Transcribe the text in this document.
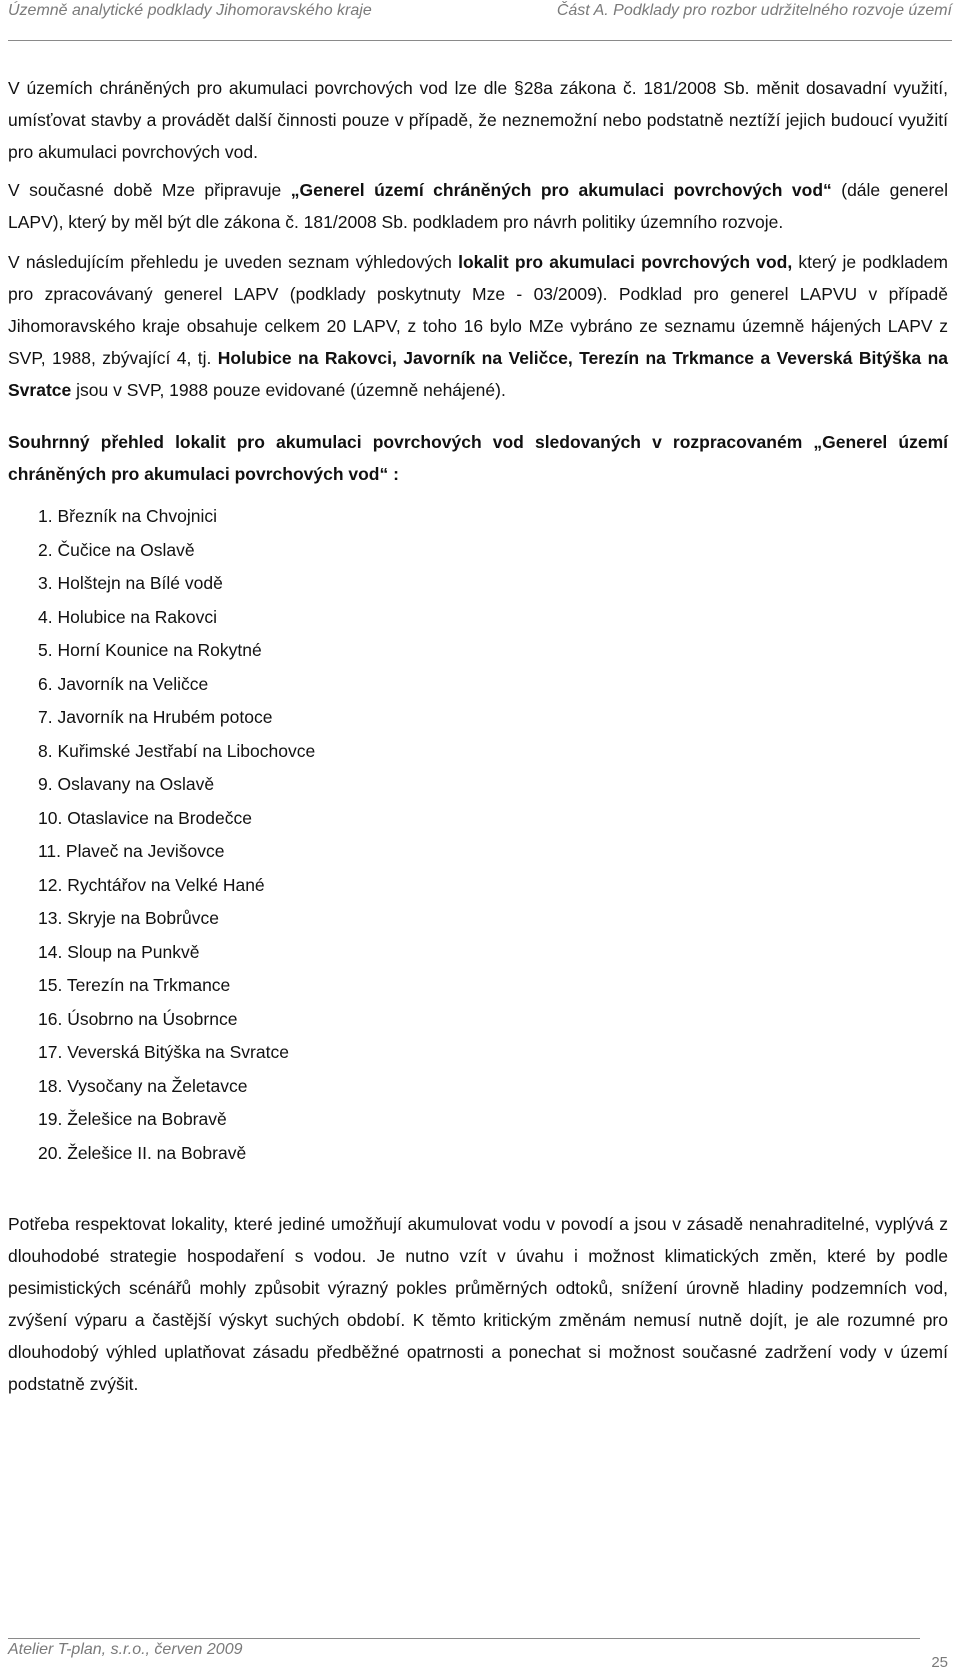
Územně analytické podklady Jihomoravského kraje	Část A. Podklady pro rozbor udržitelného rozvoje území

V územích chráněných pro akumulaci povrchových vod lze dle §28a zákona č. 181/2008 Sb. měnit dosavadní využití, umísťovat stavby a provádět další činnosti pouze v případě, že neznemožní nebo podstatně neztíží jejich budoucí využití pro akumulaci povrchových vod.

V současné době Mze připravuje „Generel území chráněných pro akumulaci povrchových vod“ (dále generel LAPV), který by měl být dle zákona č. 181/2008 Sb. podkladem pro návrh politiky územního rozvoje.

V následujícím přehledu je uveden seznam výhledových lokalit pro akumulaci povrchových vod, který je podkladem pro zpracovávaný generel LAPV (podklady poskytnuty Mze - 03/2009). Podklad pro generel LAPVU v případě Jihomoravského kraje obsahuje celkem 20 LAPV, z toho 16 bylo MZe vybráno ze seznamu územně hájených LAPV z SVP, 1988, zbývající 4, tj. Holubice na Rakovci, Javorník na Veličce, Terezín na Trkmance a Veverská Bitýška na Svratce jsou v SVP, 1988 pouze evidované (územně nehájené).

Souhrnný přehled lokalit pro akumulaci povrchových vod sledovaných v rozpracovaném „Generel území chráněných pro akumulaci povrchových vod“ :

1. Březník na Chvojnici
2. Čučice na Oslavě
3. Holštejn na Bílé vodě
4. Holubice na Rakovci
5. Horní Kounice na Rokytné
6. Javorník na Veličce
7. Javorník na Hrubém potoce
8. Kuřimské Jestřabí na Libochovce
9. Oslavany na Oslavě
10. Otaslavice na Brodečce
11. Plaveč na Jevišovce
12. Rychtářov na Velké Hané
13. Skryje na Bobrůvce
14. Sloup na Punkvě
15. Terezín na Trkmance
16. Úsobrno na Úsobrnce
17. Veverská Bitýška na Svratce
18. Vysočany na Želetavce
19. Želešice na Bobravě
20. Želešice II. na Bobravě

Potřeba respektovat lokality, které jediné umožňují akumulovat vodu v povodí a jsou v zásadě nenahraditelné, vyplývá z dlouhodobé strategie hospodaření s vodou. Je nutno vzít v úvahu i možnost klimatických změn, které by podle pesimistických scénářů mohly způsobit výrazný pokles průměrných odtoků, snížení úrovně hladiny podzemních vod, zvýšení výparu a častější výskyt suchých období. K těmto kritickým změnám nemusí nutně dojít, je ale rozumné pro dlouhodobý výhled uplatňovat zásadu předběžné opatrnosti a ponechat si možnost současné zadržení vody v území podstatně zvýšit.

Atelier T-plan, s.r.o., červen 2009
25
